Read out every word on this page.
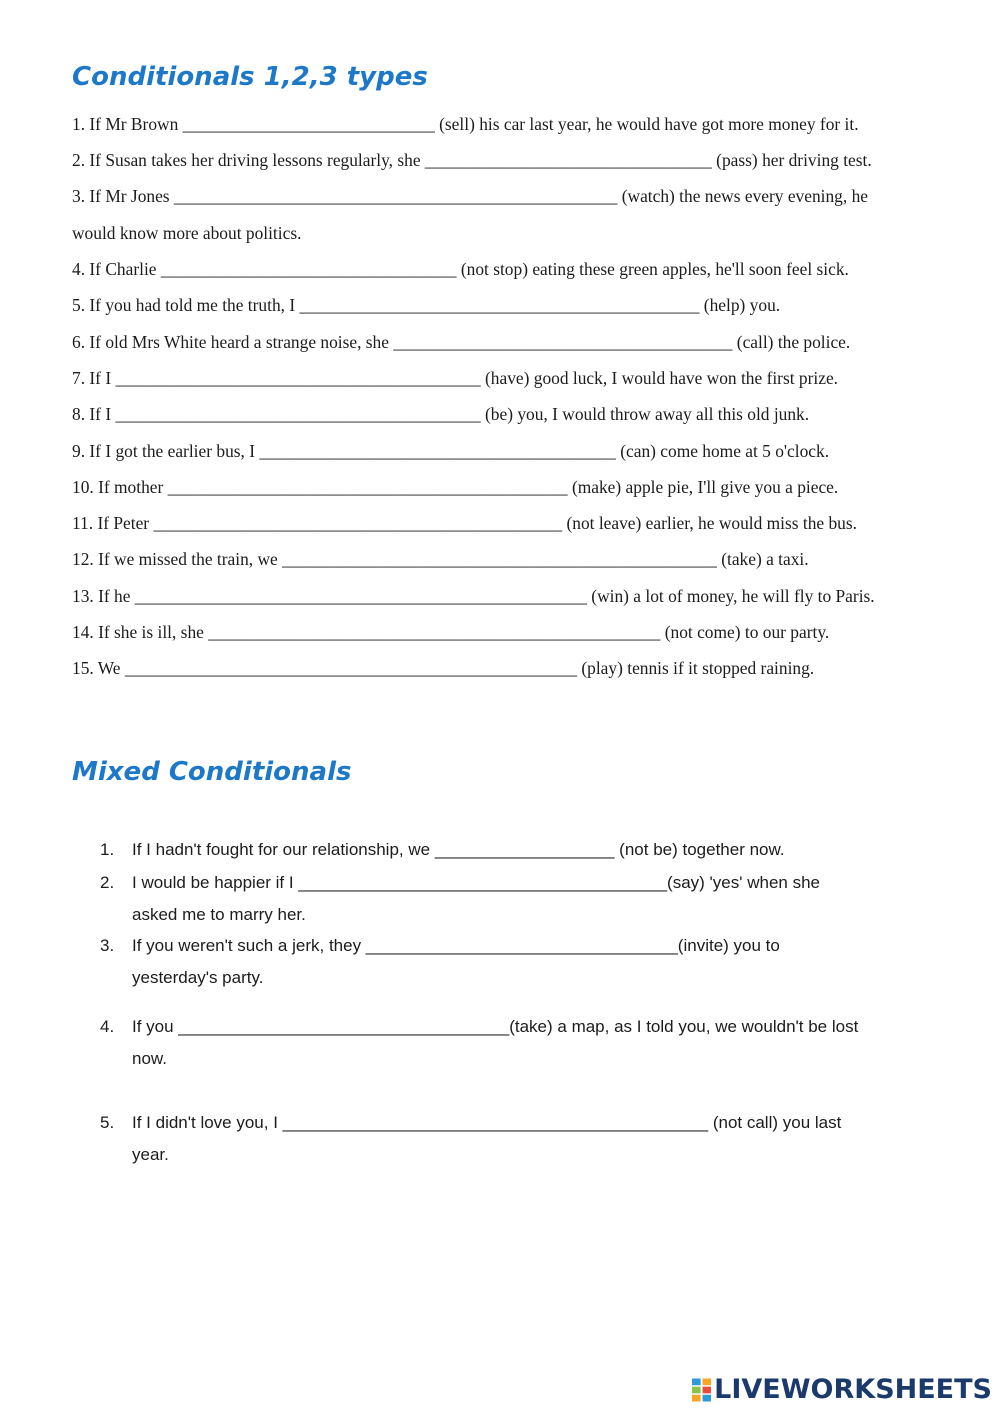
Conditionals 1,2,3 types
1. If Mr Brown _____________________________ (sell) his car last year, he would have got more money for it.
2. If Susan takes her driving lessons regularly, she _________________________________ (pass) her driving test.
3. If Mr Jones ___________________________________________________ (watch) the news every evening, he
would know more about politics.
4. If Charlie __________________________________ (not stop) eating these green apples, he'll soon feel sick.
5. If you had told me the truth, I ______________________________________________ (help) you.
6. If old Mrs White heard a strange noise, she _______________________________________ (call) the police.
7. If I __________________________________________ (have) good luck, I would have won the first prize.
8. If I __________________________________________ (be) you, I would throw away all this old junk.
9. If I got the earlier bus, I _________________________________________ (can) come home at 5 o'clock.
10. If mother ______________________________________________ (make) apple pie, I'll give you a piece.
11. If Peter _______________________________________________ (not leave) earlier, he would miss the bus.
12. If we missed the train, we __________________________________________________ (take) a taxi.
13. If he ____________________________________________________ (win) a lot of money, he will fly to Paris.
14. If she is ill, she ____________________________________________________ (not come) to our party.
15. We ____________________________________________________ (play) tennis if it stopped raining.
Mixed Conditionals
1. If I hadn't fought for our relationship, we ___________________ (not be) together now.
2. I would be happier if I _______________________________________(say) 'yes' when she
asked me to marry her.
3. If you weren't such a jerk, they _________________________________(invite) you to
yesterday's party.
4. If you ___________________________________(take) a map, as I told you, we wouldn't be lost
now.
5. If I didn't love you, I _____________________________________________ (not call) you last
year.
LIVEWORKSHEETS
